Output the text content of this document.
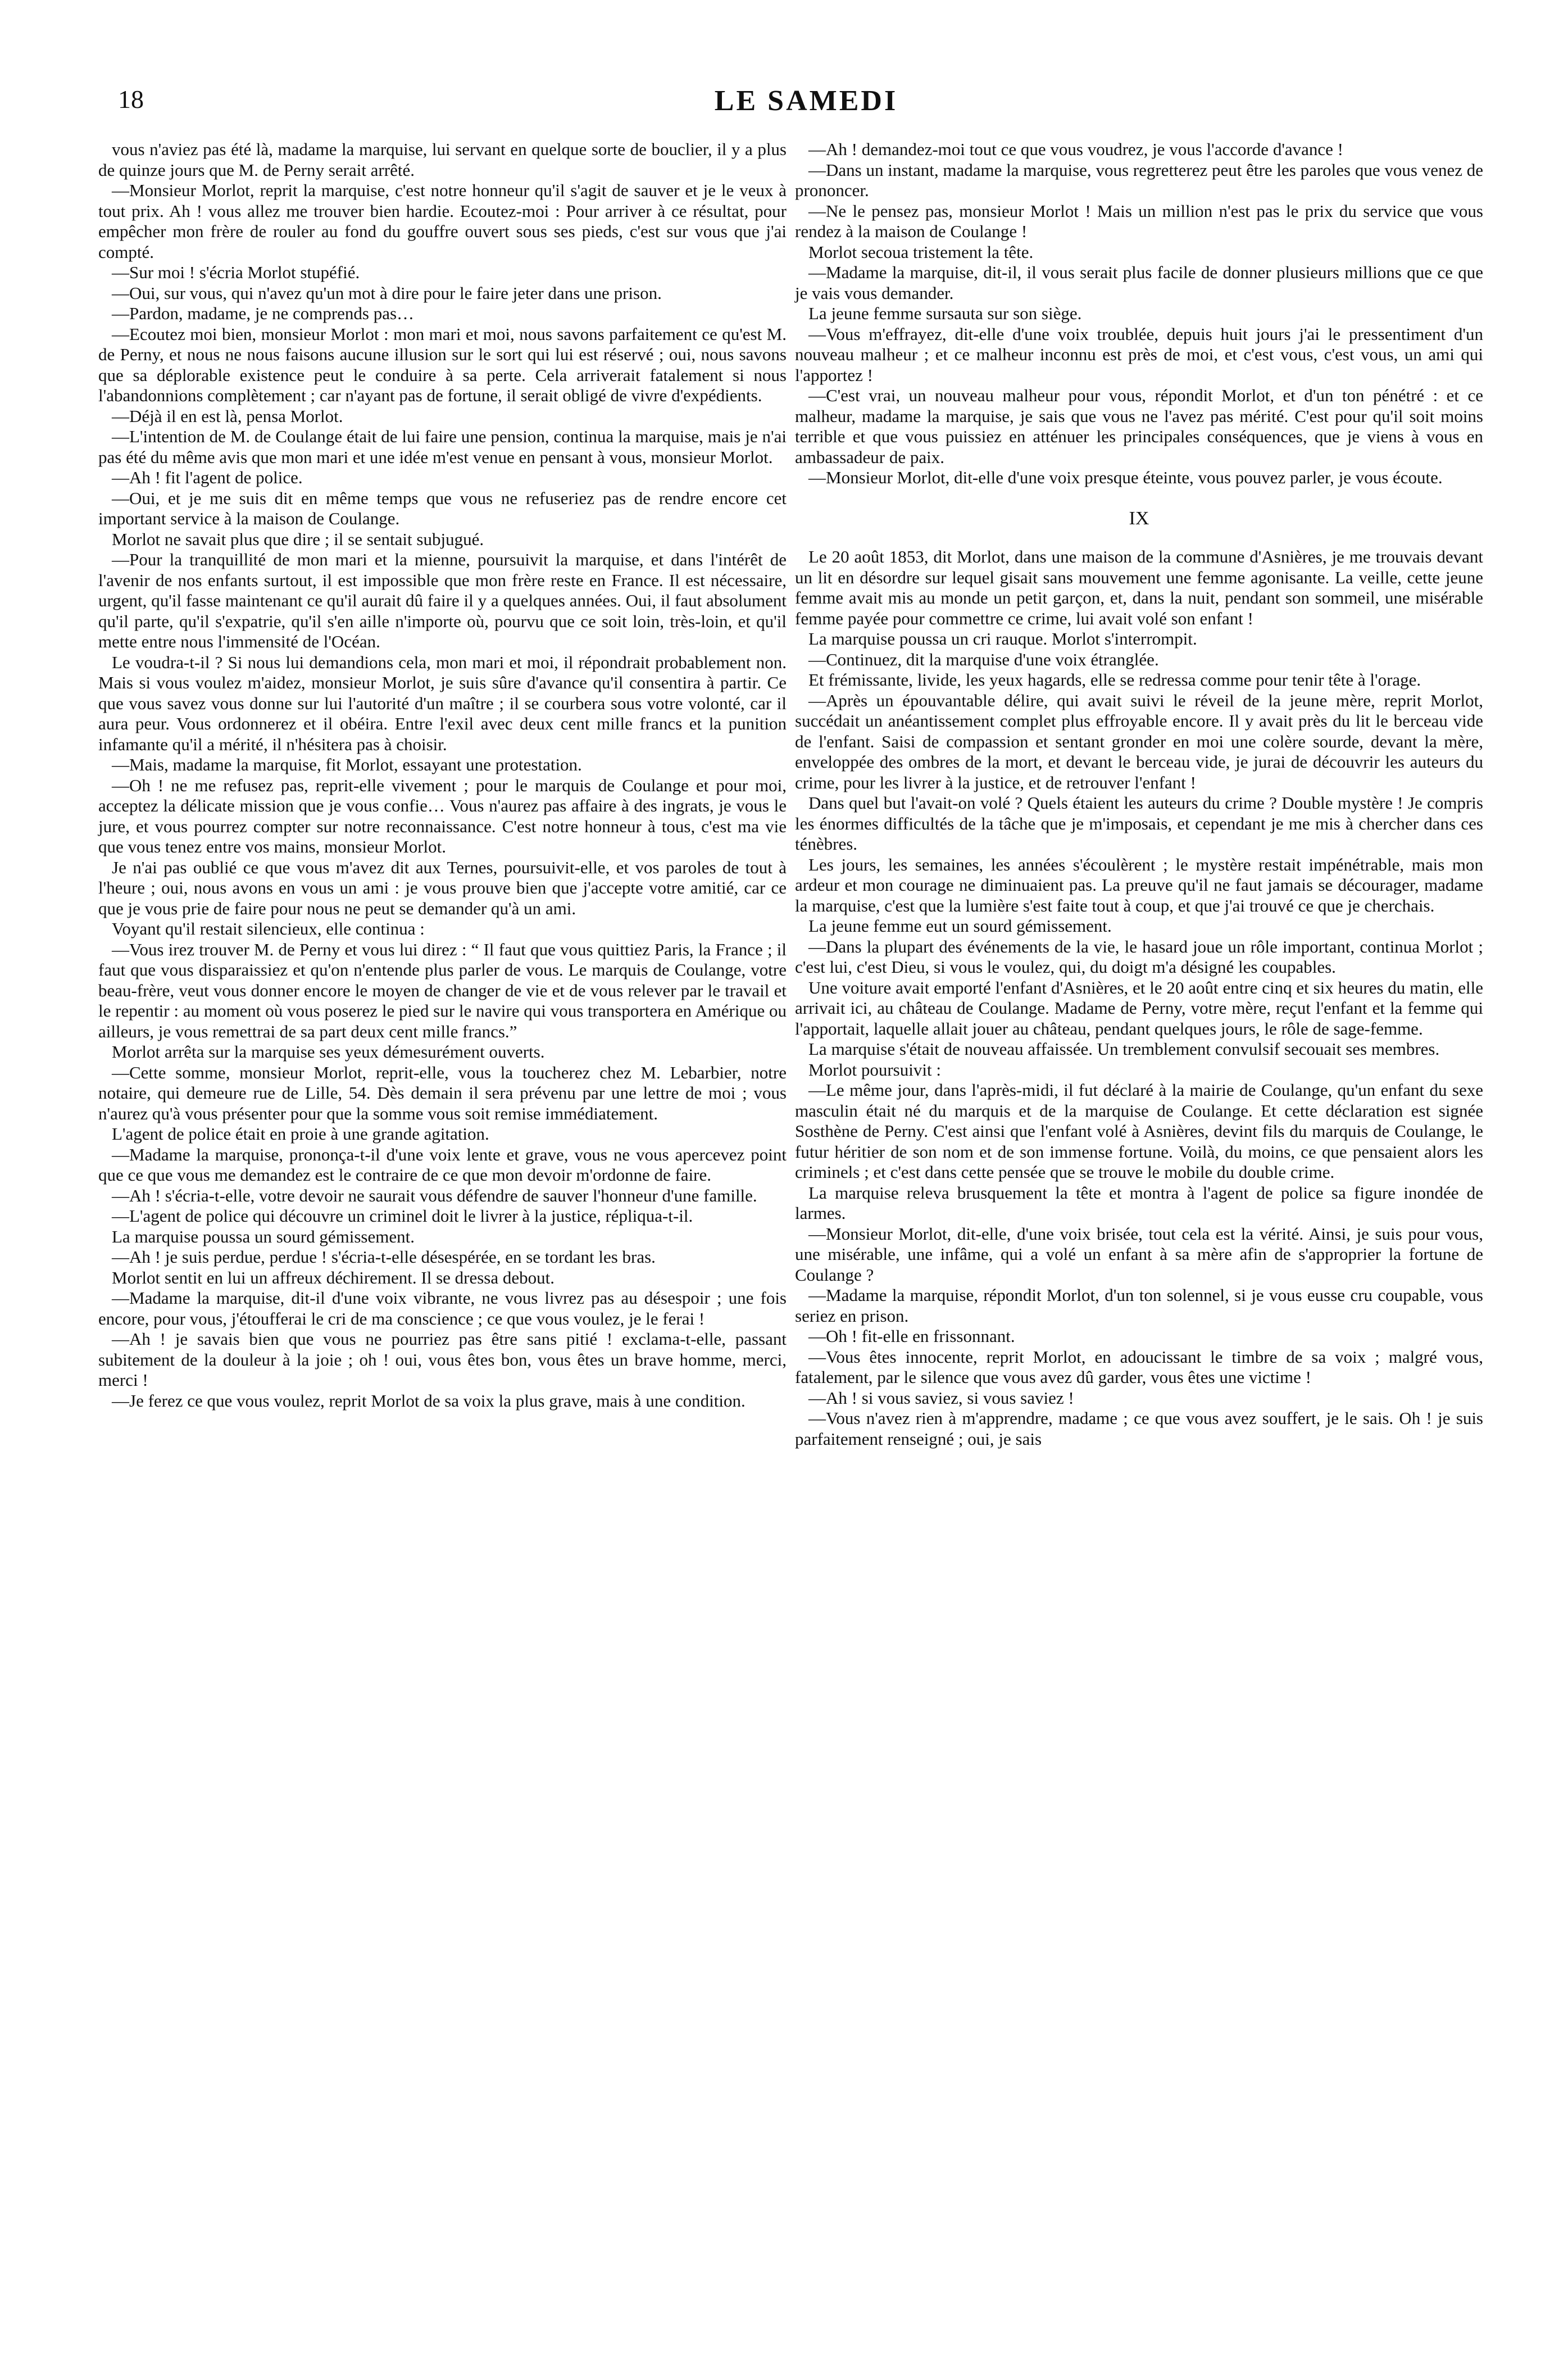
18	LE SAMEDI

vous n'aviez pas été là, madame la marquise, lui servant en quelque sorte de bouclier, il y a plus de quinze jours que M. de Perny serait arrêté.

—Monsieur Morlot, reprit la marquise, c'est notre honneur qu'il s'agit de sauver et je le veux à tout prix. Ah ! vous allez me trouver bien hardie. Ecoutez-moi : Pour arriver à ce résultat, pour empêcher mon frère de rouler au fond du gouffre ouvert sous ses pieds, c'est sur vous que j'ai compté.

—Sur moi ! s'écria Morlot stupéfié.

—Oui, sur vous, qui n'avez qu'un mot à dire pour le faire jeter dans une prison.

—Pardon, madame, je ne comprends pas…

—Ecoutez moi bien, monsieur Morlot : mon mari et moi, nous savons parfaitement ce qu'est M. de Perny, et nous ne nous faisons aucune illusion sur le sort qui lui est réservé ; oui, nous savons que sa déplorable existence peut le conduire à sa perte. Cela arriverait fatalement si nous l'abandonnions complètement ; car n'ayant pas de fortune, il serait obligé de vivre d'expédients.

—Déjà il en est là, pensa Morlot.

—L'intention de M. de Coulange était de lui faire une pension, continua la marquise, mais je n'ai pas été du même avis que mon mari et une idée m'est venue en pensant à vous, monsieur Morlot.

—Ah ! fit l'agent de police.

—Oui, et je me suis dit en même temps que vous ne refuseriez pas de rendre encore cet important service à la maison de Coulange.

Morlot ne savait plus que dire ; il se sentait subjugué.

—Pour la tranquillité de mon mari et la mienne, poursuivit la marquise, et dans l'intérêt de l'avenir de nos enfants surtout, il est impossible que mon frère reste en France. Il est nécessaire, urgent, qu'il fasse maintenant ce qu'il aurait dû faire il y a quelques années. Oui, il faut absolument qu'il parte, qu'il s'expatrie, qu'il s'en aille n'importe où, pourvu que ce soit loin, très-loin, et qu'il mette entre nous l'immensité de l'Océan.

Le voudra-t-il ? Si nous lui demandions cela, mon mari et moi, il répondrait probablement non. Mais si vous voulez m'aidez, monsieur Morlot, je suis sûre d'avance qu'il consentira à partir. Ce que vous savez vous donne sur lui l'autorité d'un maître ; il se courbera sous votre volonté, car il aura peur. Vous ordonnerez et il obéira. Entre l'exil avec deux cent mille francs et la punition infamante qu'il a mérité, il n'hésitera pas à choisir.

—Mais, madame la marquise, fit Morlot, essayant une protestation.

—Oh ! ne me refusez pas, reprit-elle vivement ; pour le marquis de Coulange et pour moi, acceptez la délicate mission que je vous confie… Vous n'aurez pas affaire à des ingrats, je vous le jure, et vous pourrez compter sur notre reconnaissance. C'est notre honneur à tous, c'est ma vie que vous tenez entre vos mains, monsieur Morlot.

Je n'ai pas oublié ce que vous m'avez dit aux Ternes, poursuivit-elle, et vos paroles de tout à l'heure ; oui, nous avons en vous un ami : je vous prouve bien que j'accepte votre amitié, car ce que je vous prie de faire pour nous ne peut se demander qu'à un ami.

Voyant qu'il restait silencieux, elle continua :

—Vous irez trouver M. de Perny et vous lui direz : “ Il faut que vous quittiez Paris, la France ; il faut que vous disparaissiez et qu'on n'entende plus parler de vous. Le marquis de Coulange, votre beau-frère, veut vous donner encore le moyen de changer de vie et de vous relever par le travail et le repentir : au moment où vous poserez le pied sur le navire qui vous transportera en Amérique ou ailleurs, je vous remettrai de sa part deux cent mille francs.”

Morlot arrêta sur la marquise ses yeux démesurément ouverts.

—Cette somme, monsieur Morlot, reprit-elle, vous la toucherez chez M. Lebarbier, notre notaire, qui demeure rue de Lille, 54. Dès demain il sera prévenu par une lettre de moi ; vous n'aurez qu'à vous présenter pour que la somme vous soit remise immédiatement.

L'agent de police était en proie à une grande agitation.

—Madame la marquise, prononça-t-il d'une voix lente et grave, vous ne vous apercevez point que ce que vous me demandez est le contraire de ce que mon devoir m'ordonne de faire.

—Ah ! s'écria-t-elle, votre devoir ne saurait vous défendre de sauver l'honneur d'une famille.

—L'agent de police qui découvre un criminel doit le livrer à la justice, répliqua-t-il.

La marquise poussa un sourd gémissement.

—Ah ! je suis perdue, perdue ! s'écria-t-elle désespérée, en se tordant les bras.

Morlot sentit en lui un affreux déchirement. Il se dressa debout.

—Madame la marquise, dit-il d'une voix vibrante, ne vous livrez pas au désespoir ; une fois encore, pour vous, j'étoufferai le cri de ma conscience ; ce que vous voulez, je le ferai !

—Ah ! je savais bien que vous ne pourriez pas être sans pitié ! exclama-t-elle, passant subitement de la douleur à la joie ; oh ! oui, vous êtes bon, vous êtes un brave homme, merci, merci !

—Je ferez ce que vous voulez, reprit Morlot de sa voix la plus grave, mais à une condition.

—Ah ! demandez-moi tout ce que vous voudrez, je vous l'accorde d'avance !

—Dans un instant, madame la marquise, vous regretterez peut être les paroles que vous venez de prononcer.

—Ne le pensez pas, monsieur Morlot ! Mais un million n'est pas le prix du service que vous rendez à la maison de Coulange !

Morlot secoua tristement la tête.

—Madame la marquise, dit-il, il vous serait plus facile de donner plusieurs millions que ce que je vais vous demander.

La jeune femme sursauta sur son siège.

—Vous m'effrayez, dit-elle d'une voix troublée, depuis huit jours j'ai le pressentiment d'un nouveau malheur ; et ce malheur inconnu est près de moi, et c'est vous, c'est vous, un ami qui l'apportez !

—C'est vrai, un nouveau malheur pour vous, répondit Morlot, et d'un ton pénétré : et ce malheur, madame la marquise, je sais que vous ne l'avez pas mérité. C'est pour qu'il soit moins terrible et que vous puissiez en atténuer les principales conséquences, que je viens à vous en ambassadeur de paix.

—Monsieur Morlot, dit-elle d'une voix presque éteinte, vous pouvez parler, je vous écoute.

IX

Le 20 août 1853, dit Morlot, dans une maison de la commune d'Asnières, je me trouvais devant un lit en désordre sur lequel gisait sans mouvement une femme agonisante. La veille, cette jeune femme avait mis au monde un petit garçon, et, dans la nuit, pendant son sommeil, une misérable femme payée pour commettre ce crime, lui avait volé son enfant !

La marquise poussa un cri rauque. Morlot s'interrompit.

—Continuez, dit la marquise d'une voix étranglée.

Et frémissante, livide, les yeux hagards, elle se redressa comme pour tenir tête à l'orage.

—Après un épouvantable délire, qui avait suivi le réveil de la jeune mère, reprit Morlot, succédait un anéantissement complet plus effroyable encore. Il y avait près du lit le berceau vide de l'enfant. Saisi de compassion et sentant gronder en moi une colère sourde, devant la mère, enveloppée des ombres de la mort, et devant le berceau vide, je jurai de découvrir les auteurs du crime, pour les livrer à la justice, et de retrouver l'enfant !

Dans quel but l'avait-on volé ? Quels étaient les auteurs du crime ? Double mystère ! Je compris les énormes difficultés de la tâche que je m'imposais, et cependant je me mis à chercher dans ces ténèbres.

Les jours, les semaines, les années s'écoulèrent ; le mystère restait impénétrable, mais mon ardeur et mon courage ne diminuaient pas. La preuve qu'il ne faut jamais se décourager, madame la marquise, c'est que la lumière s'est faite tout à coup, et que j'ai trouvé ce que je cherchais.

La jeune femme eut un sourd gémissement.

—Dans la plupart des événements de la vie, le hasard joue un rôle important, continua Morlot ; c'est lui, c'est Dieu, si vous le voulez, qui, du doigt m'a désigné les coupables.

Une voiture avait emporté l'enfant d'Asnières, et le 20 août entre cinq et six heures du matin, elle arrivait ici, au château de Coulange. Madame de Perny, votre mère, reçut l'enfant et la femme qui l'apportait, laquelle allait jouer au château, pendant quelques jours, le rôle de sage-femme.

La marquise s'était de nouveau affaissée. Un tremblement convulsif secouait ses membres.

Morlot poursuivit :

—Le même jour, dans l'après-midi, il fut déclaré à la mairie de Coulange, qu'un enfant du sexe masculin était né du marquis et de la marquise de Coulange. Et cette déclaration est signée Sosthène de Perny. C'est ainsi que l'enfant volé à Asnières, devint fils du marquis de Coulange, le futur héritier de son nom et de son immense fortune. Voilà, du moins, ce que pensaient alors les criminels ; et c'est dans cette pensée que se trouve le mobile du double crime.

La marquise releva brusquement la tête et montra à l'agent de police sa figure inondée de larmes.

—Monsieur Morlot, dit-elle, d'une voix brisée, tout cela est la vérité. Ainsi, je suis pour vous, une misérable, une infâme, qui a volé un enfant à sa mère afin de s'approprier la fortune de Coulange ?

—Madame la marquise, répondit Morlot, d'un ton solennel, si je vous eusse cru coupable, vous seriez en prison.

—Oh ! fit-elle en frissonnant.

—Vous êtes innocente, reprit Morlot, en adoucissant le timbre de sa voix ; malgré vous, fatalement, par le silence que vous avez dû garder, vous êtes une victime !

—Ah ! si vous saviez, si vous saviez !

—Vous n'avez rien à m'apprendre, madame ; ce que vous avez souffert, je le sais. Oh ! je suis parfaitement renseigné ; oui, je sais
